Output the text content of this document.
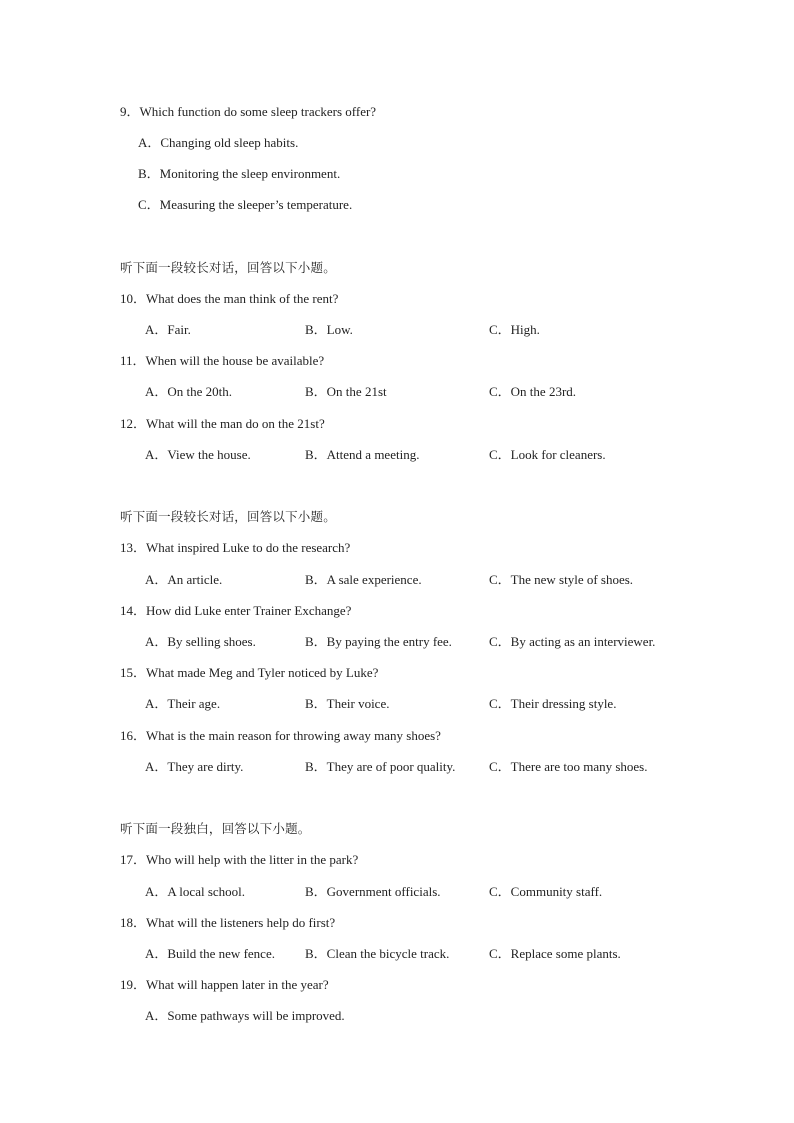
9．Which function do some sleep trackers offer?
A．Changing old sleep habits.
B．Monitoring the sleep environment.
C．Measuring the sleeper’s temperature.
听下面一段较长对话，回答以下小题。
10．What does the man think of the rent?
A．Fair.	B．Low.	C．High.
11．When will the house be available?
A．On the 20th.	B．On the 21st	C．On the 23rd.
12．What will the man do on the 21st?
A．View the house.	B．Attend a meeting.	C．Look for cleaners.
听下面一段较长对话，回答以下小题。
13．What inspired Luke to do the research?
A．An article.	B．A sale experience.	C．The new style of shoes.
14．How did Luke enter Trainer Exchange?
A．By selling shoes.	B．By paying the entry fee.	C．By acting as an interviewer.
15．What made Meg and Tyler noticed by Luke?
A．Their age.	B．Their voice.	C．Their dressing style.
16．What is the main reason for throwing away many shoes?
A．They are dirty.	B．They are of poor quality.	C．There are too many shoes.
听下面一段独白，回答以下小题。
17．Who will help with the litter in the park?
A．A local school.	B．Government officials.	C．Community staff.
18．What will the listeners help do first?
A．Build the new fence. B．Clean the bicycle track.	C．Replace some plants.
19．What will happen later in the year?
A．Some pathways will be improved.
